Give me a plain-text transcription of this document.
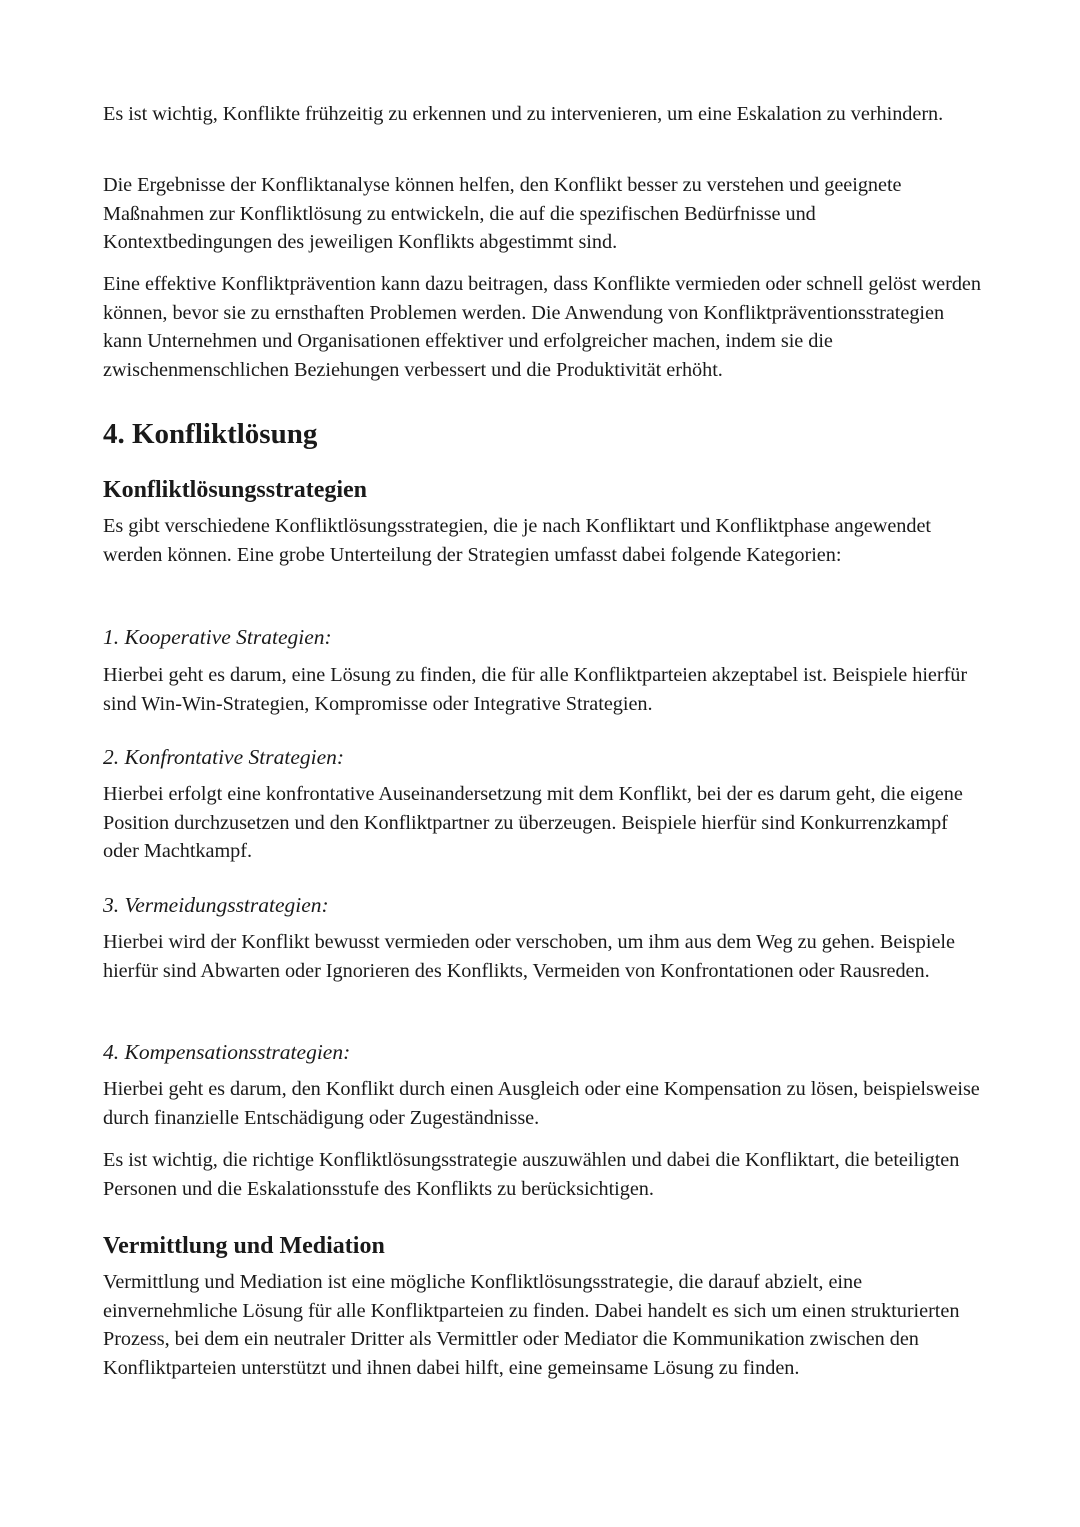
Es ist wichtig, Konflikte frühzeitig zu erkennen und zu intervenieren, um eine Eskalation zu verhindern.

Die Ergebnisse der Konfliktanalyse können helfen, den Konflikt besser zu verstehen und geeignete Maßnahmen zur Konfliktlösung zu entwickeln, die auf die spezifischen Bedürfnisse und Kontextbedingungen des jeweiligen Konflikts abgestimmt sind.

Eine effektive Konfliktprävention kann dazu beitragen, dass Konflikte vermieden oder schnell gelöst werden können, bevor sie zu ernsthaften Problemen werden. Die Anwendung von Konfliktpräventionsstrategien kann Unternehmen und Organisationen effektiver und erfolgreicher machen, indem sie die zwischenmenschlichen Beziehungen verbessert und die Produktivität erhöht.

4. Konfliktlösung
Konfliktlösungsstrategien

Es gibt verschiedene Konfliktlösungsstrategien, die je nach Konfliktart und Konfliktphase angewendet werden können. Eine grobe Unterteilung der Strategien umfasst dabei folgende Kategorien:

1. Kooperative Strategien:

Hierbei geht es darum, eine Lösung zu finden, die für alle Konfliktparteien akzeptabel ist. Beispiele hierfür sind Win-Win-Strategien, Kompromisse oder Integrative Strategien.

2. Konfrontative Strategien:

Hierbei erfolgt eine konfrontative Auseinandersetzung mit dem Konflikt, bei der es darum geht, die eigene Position durchzusetzen und den Konfliktpartner zu überzeugen. Beispiele hierfür sind Konkurrenzkampf oder Machtkampf.

3. Vermeidungsstrategien:

Hierbei wird der Konflikt bewusst vermieden oder verschoben, um ihm aus dem Weg zu gehen. Beispiele hierfür sind Abwarten oder Ignorieren des Konflikts, Vermeiden von Konfrontationen oder Rausreden.

4. Kompensationsstrategien:

Hierbei geht es darum, den Konflikt durch einen Ausgleich oder eine Kompensation zu lösen, beispielsweise durch finanzielle Entschädigung oder Zugeständnisse.

Es ist wichtig, die richtige Konfliktlösungsstrategie auszuwählen und dabei die Konfliktart, die beteiligten Personen und die Eskalationsstufe des Konflikts zu berücksichtigen.

Vermittlung und Mediation

Vermittlung und Mediation ist eine mögliche Konfliktlösungsstrategie, die darauf abzielt, eine einvernehmliche Lösung für alle Konfliktparteien zu finden. Dabei handelt es sich um einen strukturierten Prozess, bei dem ein neutraler Dritter als Vermittler oder Mediator die Kommunikation zwischen den Konfliktparteien unterstützt und ihnen dabei hilft, eine gemeinsame Lösung zu finden.
